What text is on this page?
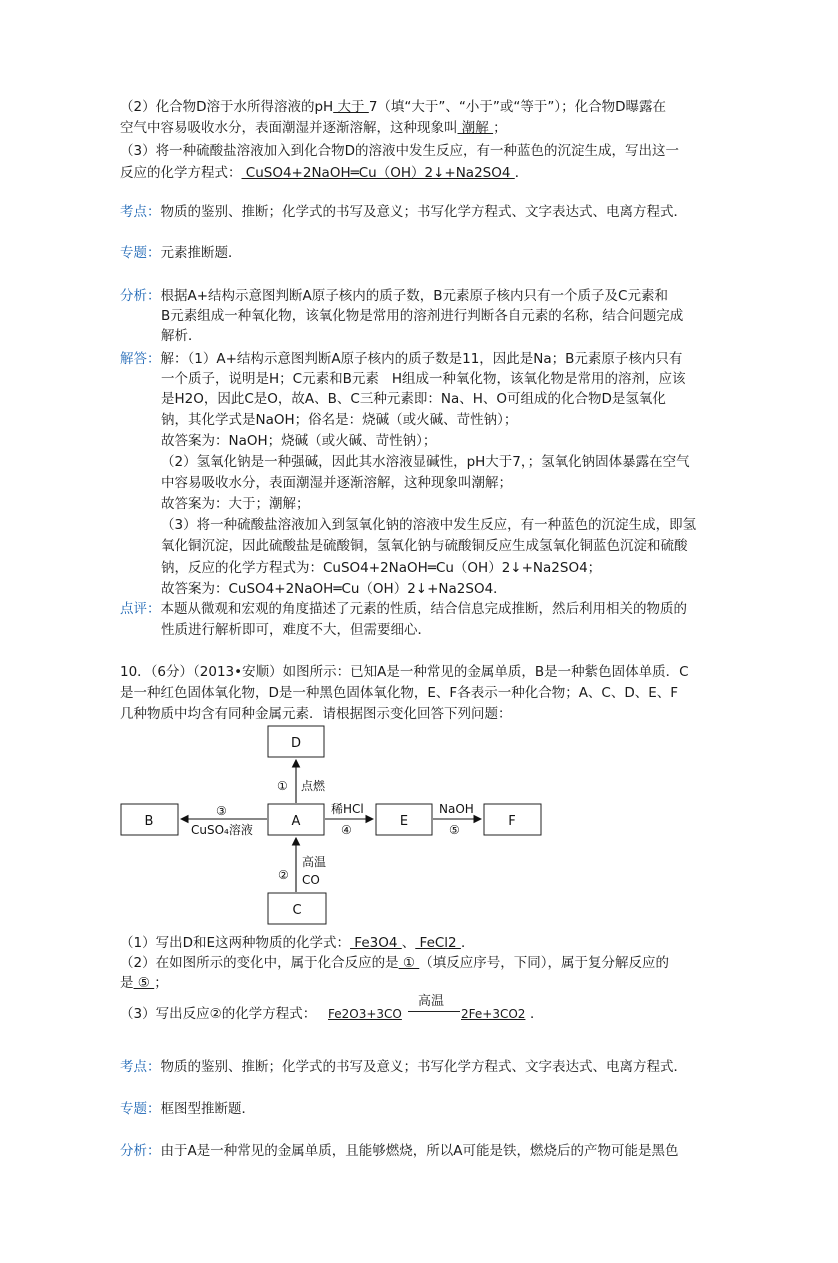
（2）化合物D溶于水所得溶液的pH 大于 7（填“大于”、“小于”或“等于”）；化合物D曝露在
空气中容易吸收水分，表面潮湿并逐渐溶解，这种现象叫 潮解 ；
（3）将一种硫酸盐溶液加入到化合物D的溶液中发生反应，有一种蓝色的沉淀生成，写出这一
反应的化学方程式： CuSO4+2NaOH═Cu（OH）2↓+Na2SO4 ．
考点：物质的鉴别、推断；化学式的书写及意义；书写化学方程式、文字表达式、电离方程式．
专题：元素推断题．
分析：根据A+结构示意图判断A原子核内的质子数，B元素原子核内只有一个质子及C元素和
B元素组成一种氧化物，该氧化物是常用的溶剂进行判断各自元素的名称，结合问题完成
解析．
解答：解：（1）A+结构示意图判断A原子核内的质子数是11，因此是Na；B元素原子核内只有
一个质子，说明是H；C元素和B元素ﾠH组成一种氧化物，该氧化物是常用的溶剂，应该
是H2O，因此C是O，故A、B、C三种元素即：Na、H、O可组成的化合物D是氢氧化
钠，其化学式是NaOH；俗名是：烧碱（或火碱、苛性钠）；
故答案为：NaOH；烧碱（或火碱、苛性钠）；
（2）氢氧化钠是一种强碱，因此其水溶液显碱性，pH大于7，；氢氧化钠固体暴露在空气
中容易吸收水分，表面潮湿并逐渐溶解，这种现象叫潮解；
故答案为：大于；潮解；
（3）将一种硫酸盐溶液加入到氢氧化钠的溶液中发生反应，有一种蓝色的沉淀生成，即氢
氧化铜沉淀，因此硫酸盐是硫酸铜，氢氧化钠与硫酸铜反应生成氢氧化铜蓝色沉淀和硫酸
钠，反应的化学方程式为：CuSO4+2NaOH═Cu（OH）2↓+Na2SO4；
故答案为：CuSO4+2NaOH═Cu（OH）2↓+Na2SO4．
点评：本题从微观和宏观的角度描述了元素的性质，结合信息完成推断，然后利用相关的物质的
性质进行解析即可，难度不大，但需要细心．
10．（6分）（2013•安顺）如图所示：已知A是一种常见的金属单质，B是一种紫色固体单质．C
是一种红色固体氧化物，D是一种黑色固体氧化物，E、F各表示一种化合物；A、C、D、E、F
几种物质中均含有同种金属元素．请根据图示变化回答下列问题：
D
A
B	E	F
C
① 点燃
③
CuSO₄溶液
稀HCl
④
NaOH
⑤
②
高温
CO
（1）写出D和E这两种物质的化学式： Fe3O4 、 FeCl2 ．
（2）在如图所示的变化中，属于化合反应的是 ① （填反应序号，下同），属于复分解反应的
是 ⑤ ；
（3）写出反应②的化学方程式： Fe2O3+3CO
高温
2Fe+3CO2 ．
考点：物质的鉴别、推断；化学式的书写及意义；书写化学方程式、文字表达式、电离方程式．
专题：框图型推断题．
分析：由于A是一种常见的金属单质，且能够燃烧，所以A可能是铁，燃烧后的产物可能是黑色
